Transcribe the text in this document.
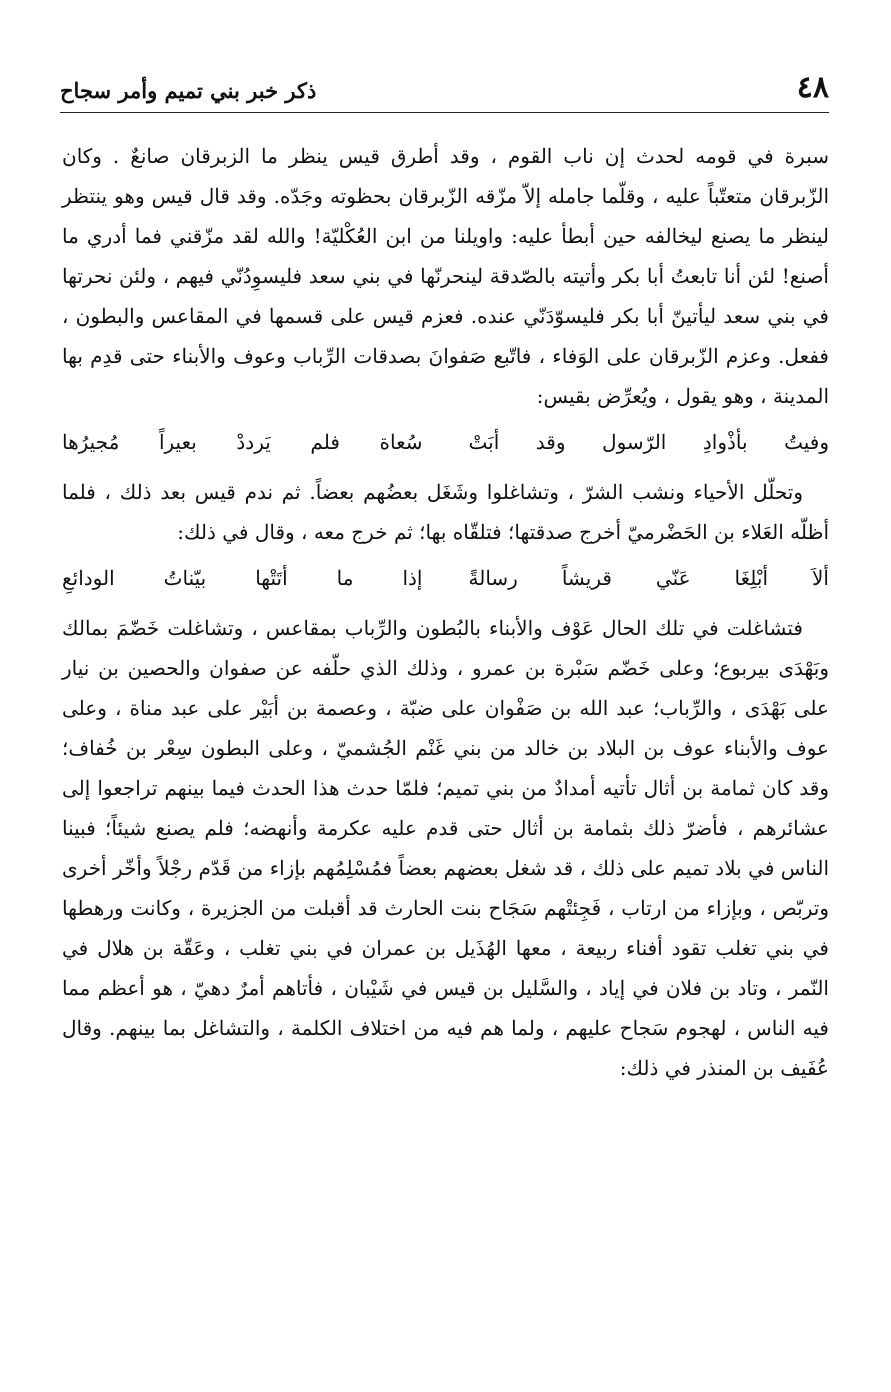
٤٨
ذكر خبر بني تميم وأمر سجاح

سبرة في قومه لحدث إن ناب القوم ، وقد أطرق قيس ينظر ما الزبرقان صانعٌ . وكان الزّبرقان متعتّباً عليه ، وقلّما جامله إلاّ مزّقه الزّبرقان بحظوته وجَدّه. وقد قال قيس وهو ينتظر لينظر ما يصنع ليخالفه حين أبطأ عليه: واويلنا من ابن العُكْليّة! والله لقد مزّقني فما أدري ما أصنع! لئن أنا تابعتُ أبا بكر وأتيته بالصّدقة لينحرنّها في بني سعد فليسوِدُنّي فيهم ، ولئن نحرتها في بني سعد ليأتينّ أبا بكر فليسوّدَنّي عنده. فعزم قيس على قسمها في المقاعس والبطون ، ففعل. وعزم الزّبرقان على الوَفاء ، فاتّبع صَفوانَ بصدقات الرِّباب وعوف والأبناء حتى قدِم بها المدينة ، وهو يقول ، ويُعرِّض بقيس:

وفيتُ بأذْوادِ الرّسول وقد أبَتْ
سُعاة فلم يَرددْ بعيراً مُجيرُها

وتحلّل الأحياء ونشب الشرّ ، وتشاغلوا وشَغَل بعضُهم بعضاً. ثم ندم قيس بعد ذلك ، فلما أظلّه العَلاء بن الحَضْرميّ أخرج صدقتها؛ فتلقّاه بها؛ ثم خرج معه ، وقال في ذلك:

ألاَ أبْلِغَا عَنّي قريشاً رسالةً
إذا ما أتَتْها بيّناتُ الودائعِ

فتشاغلت في تلك الحال عَوْف والأبناء بالبُطون والرِّباب بمقاعس ، وتشاغلت خَضّمَ بمالك وبَهْدَى بيربوع؛ وعلى خَضّم سَبْرة بن عمرو ، وذلك الذي حلّفه عن صفوان والحصين بن نيار على بَهْدَى ، والرِّباب؛ عبد الله بن صَفْوان على ضبّة ، وعصمة بن أبَيْر على عبد مناة ، وعلى عوف والأبناء عوف بن البلاد بن خالد من بني غَنْم الجُشميّ ، وعلى البطون سِعْر بن خُفاف؛ وقد كان ثمامة بن أثال تأتيه أمدادٌ من بني تميم؛ فلمّا حدث هذا الحدث فيما بينهم تراجعوا إلى عشائرهم ، فأضرّ ذلك بثمامة بن أثال حتى قدم عليه عكرمة وأنهضه؛ فلم يصنع شيئاً؛ فبينا الناس في بلاد تميم على ذلك ، قد شغل بعضهم بعضاً فمُسْلِمُهم بإزاء من قَدّم رجْلاً وأخّر أخرى وتربّص ، وبإزاء من ارتاب ، فَجِئتْهم سَجَاح بنت الحارث قد أقبلت من الجزيرة ، وكانت ورهطها في بني تغلب تقود أفناء ربيعة ، معها الهُذَيل بن عمران في بني تغلب ، وعَقّة بن هلال في النّمر ، وتاد بن فلان في إياد ، والسَّليل بن قيس في شَيْبان ، فأتاهم أمرٌ دهيّ ، هو أعظم مما فيه الناس ، لهجوم سَجاح عليهم ، ولما هم فيه من اختلاف الكلمة ، والتشاغل بما بينهم. وقال عُفَيف بن المنذر في ذلك:
